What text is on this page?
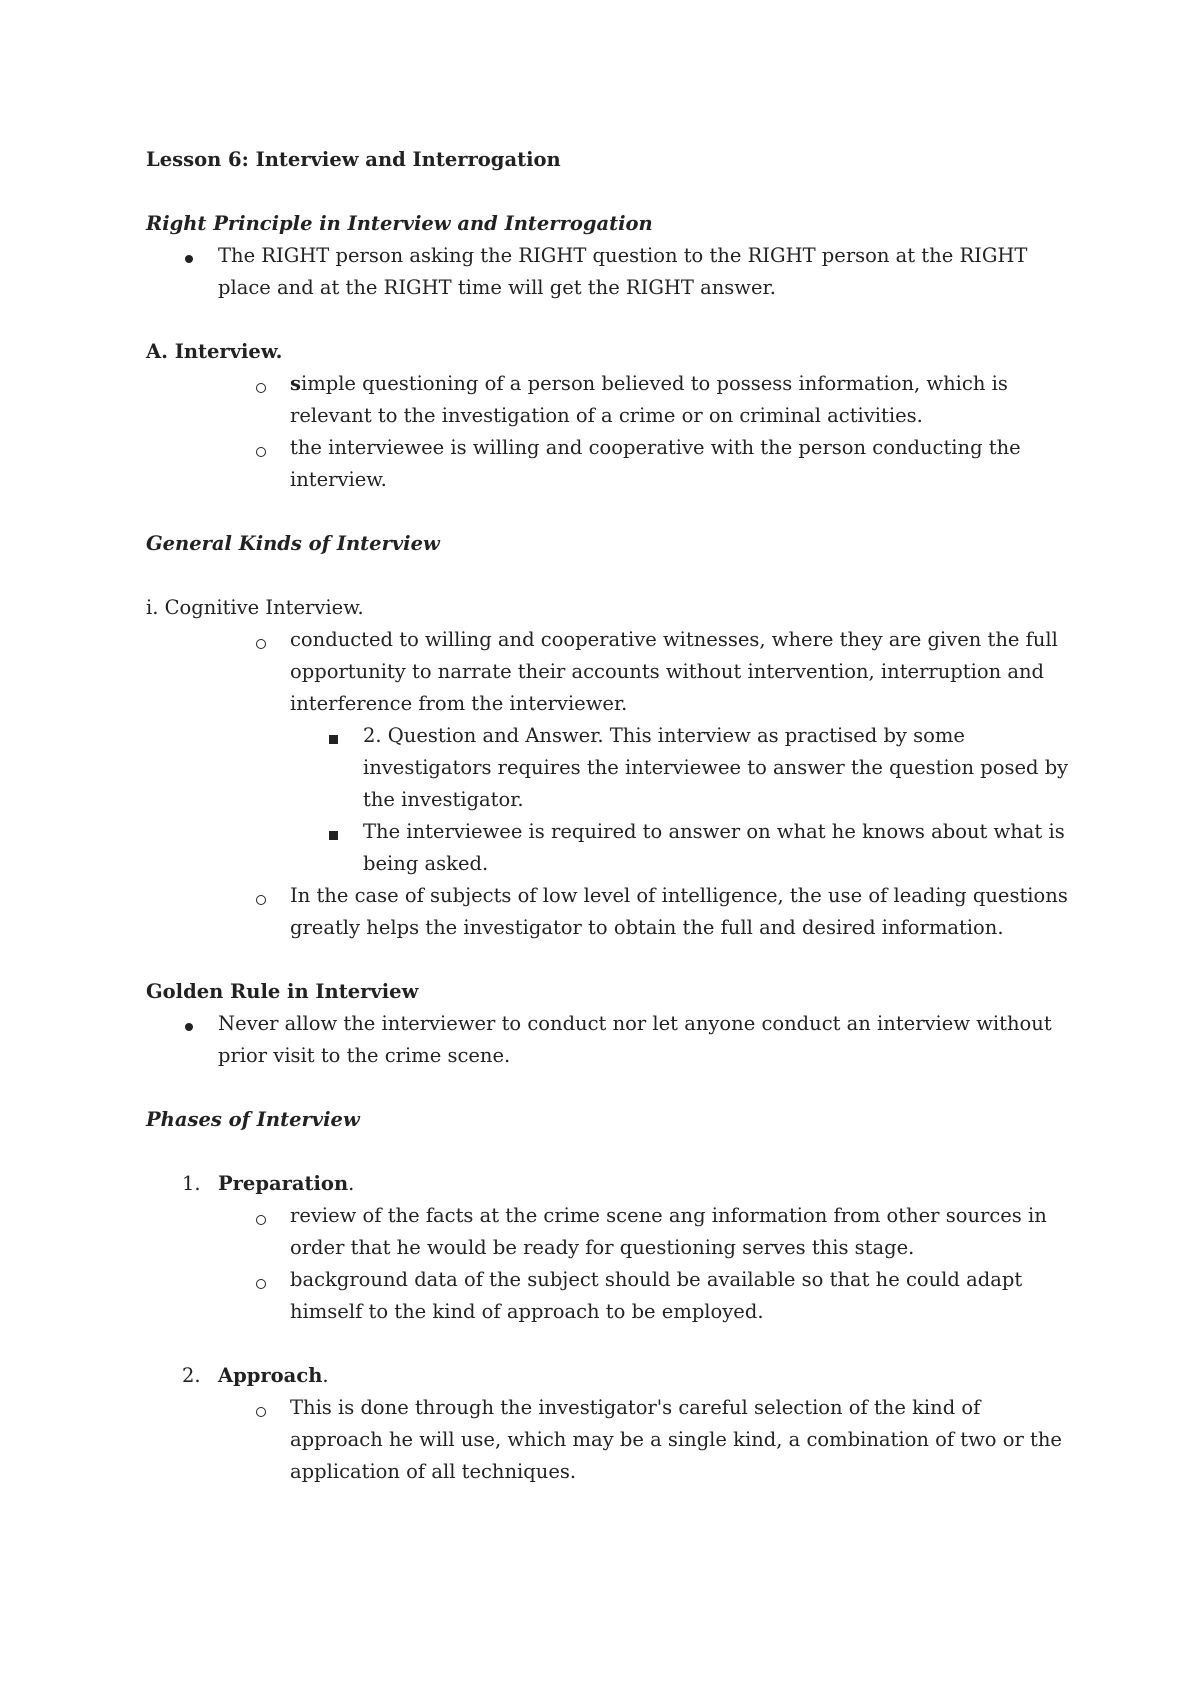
Lesson 6: Interview and Interrogation
Right Principle in Interview and Interrogation
The RIGHT person asking the RIGHT question to the RIGHT person at the RIGHT
place and at the RIGHT time will get the RIGHT answer.
A. Interview.
simple questioning of a person believed to possess information, which is
relevant to the investigation of a crime or on criminal activities.
the interviewee is willing and cooperative with the person conducting the
interview.
General Kinds of Interview
i. Cognitive Interview.
conducted to willing and cooperative witnesses, where they are given the full
opportunity to narrate their accounts without intervention, interruption and
interference from the interviewer.
2. Question and Answer. This interview as practised by some
investigators requires the interviewee to answer the question posed by
the investigator.
The interviewee is required to answer on what he knows about what is
being asked.
In the case of subjects of low level of intelligence, the use of leading questions
greatly helps the investigator to obtain the full and desired information.
Golden Rule in Interview
Never allow the interviewer to conduct nor let anyone conduct an interview without
prior visit to the crime scene.
Phases of Interview
1. Preparation.
review of the facts at the crime scene ang information from other sources in
order that he would be ready for questioning serves this stage.
background data of the subject should be available so that he could adapt
himself to the kind of approach to be employed.
2. Approach.
This is done through the investigator's careful selection of the kind of
approach he will use, which may be a single kind, a combination of two or the
application of all techniques.
